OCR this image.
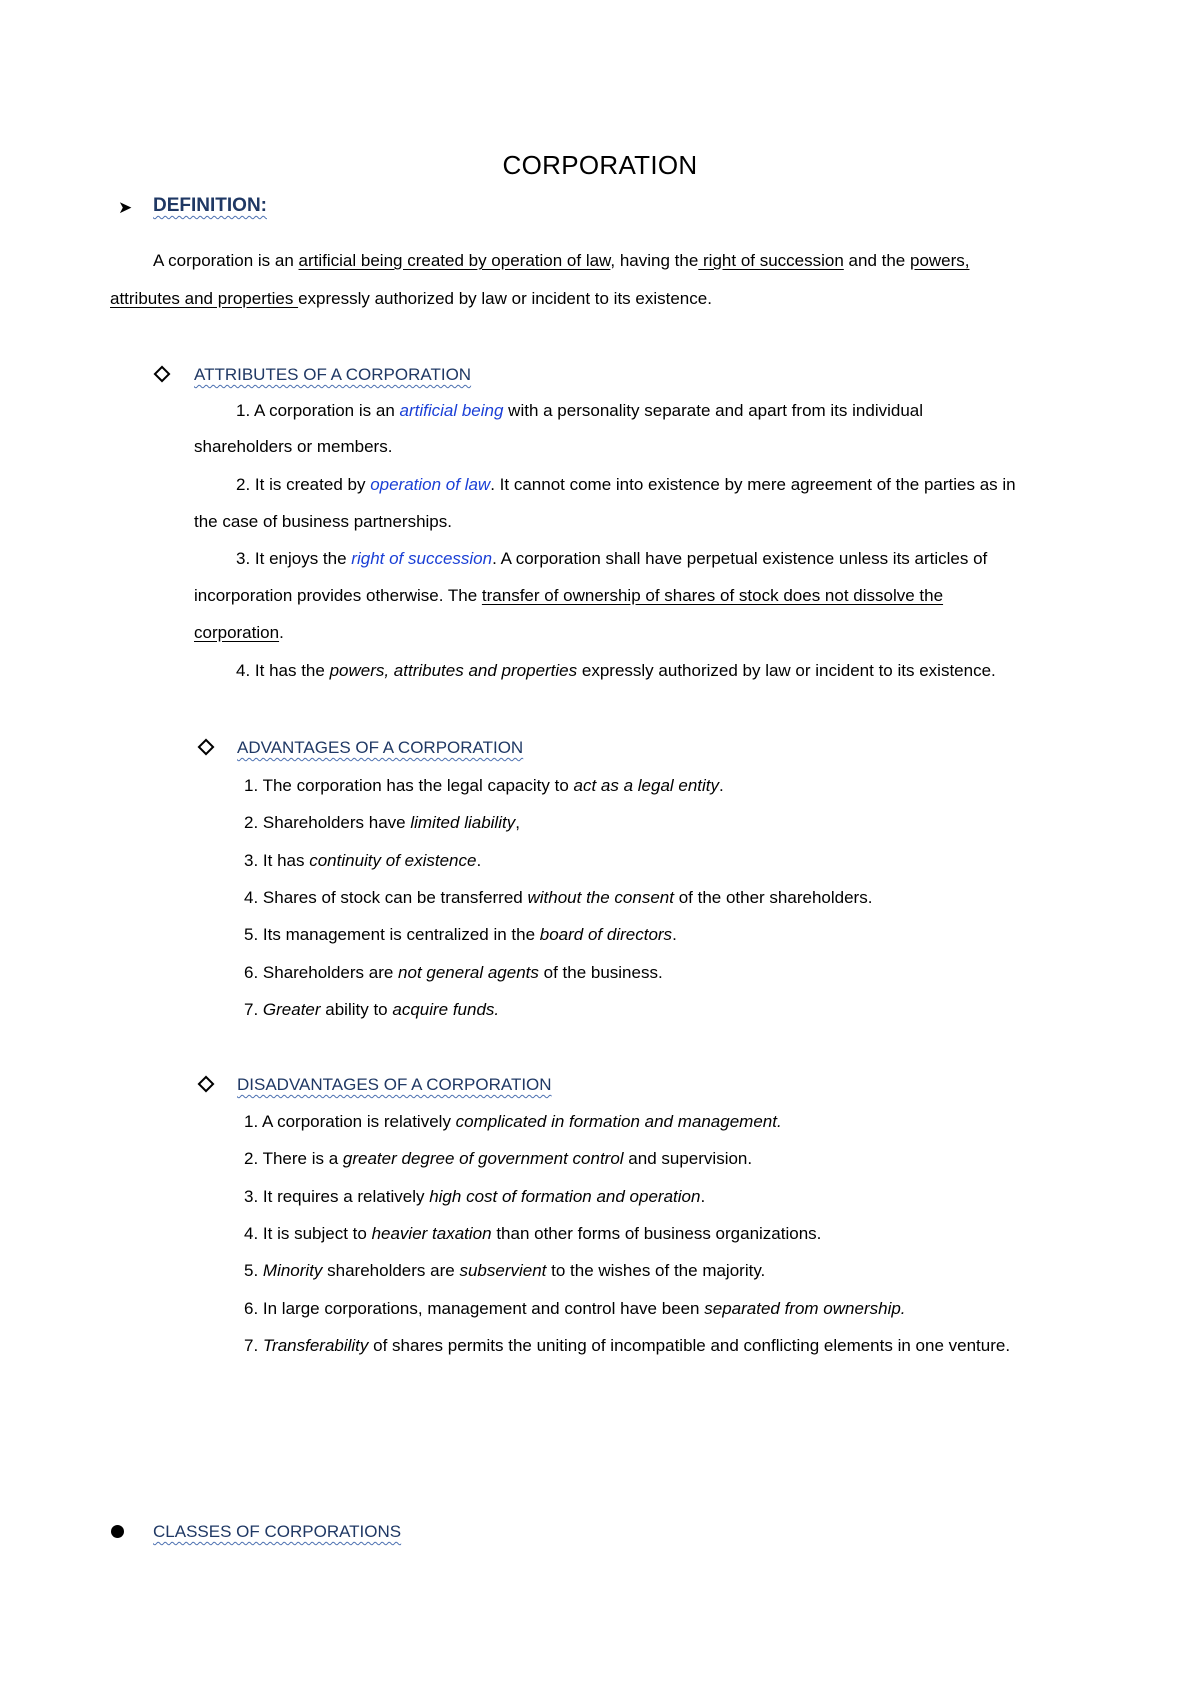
CORPORATION
➤ DEFINITION:
A corporation is an artificial being created by operation of law, having the right of succession and the powers,
attributes and properties expressly authorized by law or incident to its existence.
ATTRIBUTES OF A CORPORATION
1. A corporation is an artificial being with a personality separate and apart from its individual
shareholders or members.
2. It is created by operation of law. It cannot come into existence by mere agreement of the parties as in
the case of business partnerships.
3. It enjoys the right of succession. A corporation shall have perpetual existence unless its articles of
incorporation provides otherwise. The transfer of ownership of shares of stock does not dissolve the
corporation.
4. It has the powers, attributes and properties expressly authorized by law or incident to its existence.
ADVANTAGES OF A CORPORATION
1. The corporation has the legal capacity to act as a legal entity.
2. Shareholders have limited liability,
3. It has continuity of existence.
4. Shares of stock can be transferred without the consent of the other shareholders.
5. Its management is centralized in the board of directors.
6. Shareholders are not general agents of the business.
7. Greater ability to acquire funds.
DISADVANTAGES OF A CORPORATION
1. A corporation is relatively complicated in formation and management.
2. There is a greater degree of government control and supervision.
3. It requires a relatively high cost of formation and operation.
4. It is subject to heavier taxation than other forms of business organizations.
5. Minority shareholders are subservient to the wishes of the majority.
6. In large corporations, management and control have been separated from ownership.
7. Transferability of shares permits the uniting of incompatible and conflicting elements in one venture.
CLASSES OF CORPORATIONS
